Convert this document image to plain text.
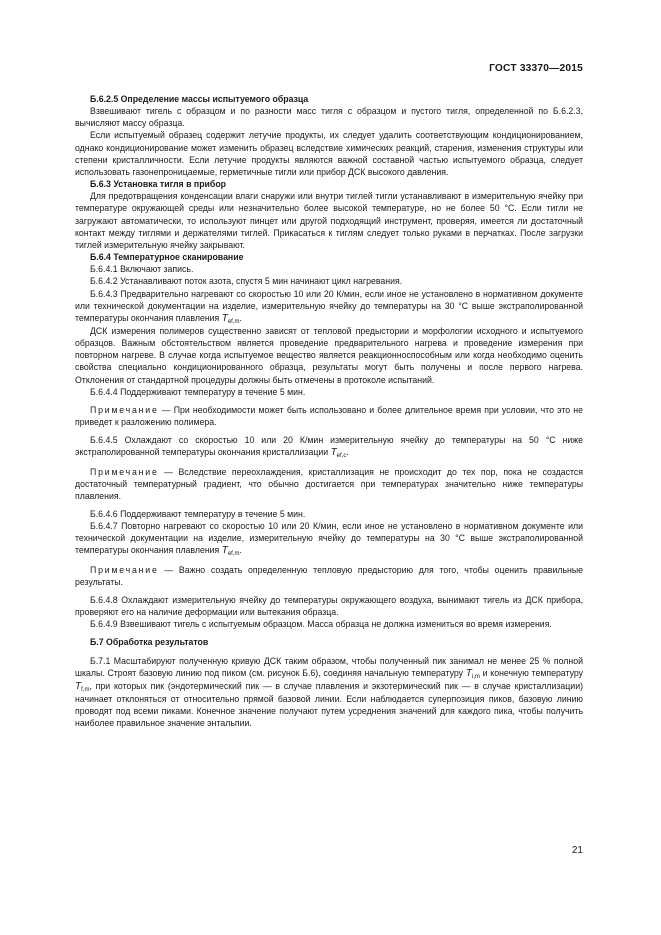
ГОСТ 33370—2015

Б.6.2.5 Определение массы испытуемого образца

Взвешивают тигель с образцом и по разности масс тигля с образцом и пустого тигля, определенной по Б.6.2.3, вычисляют массу образца.

Если испытуемый образец содержит летучие продукты, их следует удалить соответствующим кондиционированием, однако кондиционирование может изменить образец вследствие химических реакций, старения, изменения структуры или степени кристалличности. Если летучие продукты являются важной составной частью испытуемого образца, следует использовать газонепроницаемые, герметичные тигли или прибор ДСК высокого давления.

Б.6.3 Установка тигля в прибор

Для предотвращения конденсации влаги снаружи или внутри тиглей тигли устанавливают в измерительную ячейку при температуре окружающей среды или незначительно более высокой температуре, но не более 50 °С. Если тигли не загружают автоматически, то используют пинцет или другой подходящий инструмент, проверяя, имеется ли достаточный контакт между тиглями и держателями тиглей. Прикасаться к тиглям следует только руками в перчатках. После загрузки тиглей измерительную ячейку закрывают.

Б.6.4 Температурное сканирование

Б.6.4.1 Включают запись.

Б.6.4.2 Устанавливают поток азота, спустя 5 мин начинают цикл нагревания.

Б.6.4.3 Предварительно нагревают со скоростью 10 или 20 К/мин, если иное не установлено в нормативном документе или технической документации на изделие, измерительную ячейку до температуры на 30 °С выше экстраполированной температуры окончания плавления $T_{ef,m}$.

ДСК измерения полимеров существенно зависят от тепловой предыстории и морфологии исходного и испытуемого образцов. Важным обстоятельством является проведение предварительного нагрева и проведение измерения при повторном нагреве. В случае когда испытуемое вещество является реакционноспособным или когда необходимо оценить свойства специально кондиционированного образца, результаты могут быть получены и после первого нагрева. Отклонения от стандартной процедуры должны быть отмечены в протоколе испытаний.

Б.6.4.4 Поддерживают температуру в течение 5 мин.

Примечание — При необходимости может быть использовано и более длительное время при условии, что это не приведет к разложению полимера.

Б.6.4.5 Охлаждают со скоростью 10 или 20 К/мин измерительную ячейку до температуры на 50 °С ниже экстраполированной температуры окончания кристаллизации $T_{ef,c}$.

Примечание — Вследствие переохлаждения, кристаллизация не происходит до тех пор, пока не создастся достаточный температурный градиент, что обычно достигается при температурах значительно ниже температуры плавления.

Б.6.4.6 Поддерживают температуру в течение 5 мин.

Б.6.4.7 Повторно нагревают со скоростью 10 или 20 К/мин, если иное не установлено в нормативном документе или технической документации на изделие, измерительную ячейку до температуры на 30 °С выше экстраполированной температуры окончания плавления $T_{ef,m}$.

Примечание — Важно создать определенную тепловую предысторию для того, чтобы оценить правильные результаты.

Б.6.4.8 Охлаждают измерительную ячейку до температуры окружающего воздуха, вынимают тигель из ДСК прибора, проверяют его на наличие деформации или вытекания образца.

Б.6.4.9 Взвешивают тигель с испытуемым образцом. Масса образца не должна измениться во время измерения.

Б.7 Обработка результатов

Б.7.1 Масштабируют полученную кривую ДСК таким образом, чтобы полученный пик занимал не менее 25 % полной шкалы. Строят базовую линию под пиком (см. рисунок Б.6), соединяя начальную температуру $T_{i,m}$ и конечную температуру $T_{f,m}$, при которых пик (эндотермический пик — в случае плавления и экзотермический пик — в случае кристаллизации) начинает отклоняться от относительно прямой базовой линии. Если наблюдается суперпозиция пиков, базовую линию проводят под всеми пиками. Конечное значение получают путем усреднения значений для каждого пика, чтобы получить наиболее правильное значение энтальпии.

21
